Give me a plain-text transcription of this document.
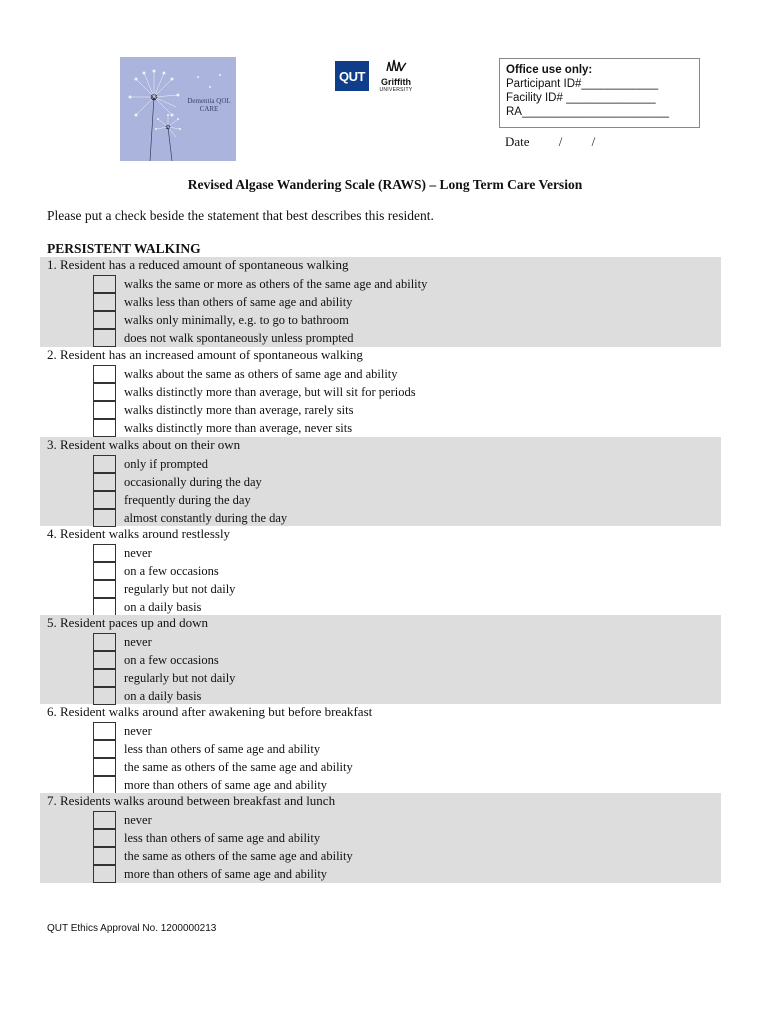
Dementia QOL CARE
QUT	Griffith
UNIVERSITY
Office use only:
Participant ID#____________
Facility ID# ______________
RA_______________________
Date         /         /
Revised Algase Wandering Scale (RAWS) – Long Term Care Version
Please put a check beside the statement that best describes this resident.
PERSISTENT WALKING
1. Resident has a reduced amount of spontaneous walking
walks the same or more as others of the same age and ability
walks less than others of same age and ability
walks only minimally, e.g. to go to bathroom
does not walk spontaneously unless prompted
2. Resident has an increased amount of spontaneous walking
walks about the same as others of same age and ability
walks distinctly more than average, but will sit for periods
walks distinctly more than average, rarely sits
walks distinctly more than average, never sits
3. Resident walks about on their own
only if prompted
occasionally during the day
frequently during the day
almost constantly during the day
4. Resident walks around restlessly
never
on a few occasions
regularly but not daily
on a daily basis
5. Resident paces up and down
never
on a few occasions
regularly but not daily
on a daily basis
6. Resident walks around after awakening but before breakfast
never
less than others of same age and ability
the same as others of the same age and ability
more than others of same age and ability
7. Residents walks around between breakfast and lunch
never
less than others of same age and ability
the same as others of the same age and ability
more than others of same age and ability
QUT Ethics Approval No. 1200000213
